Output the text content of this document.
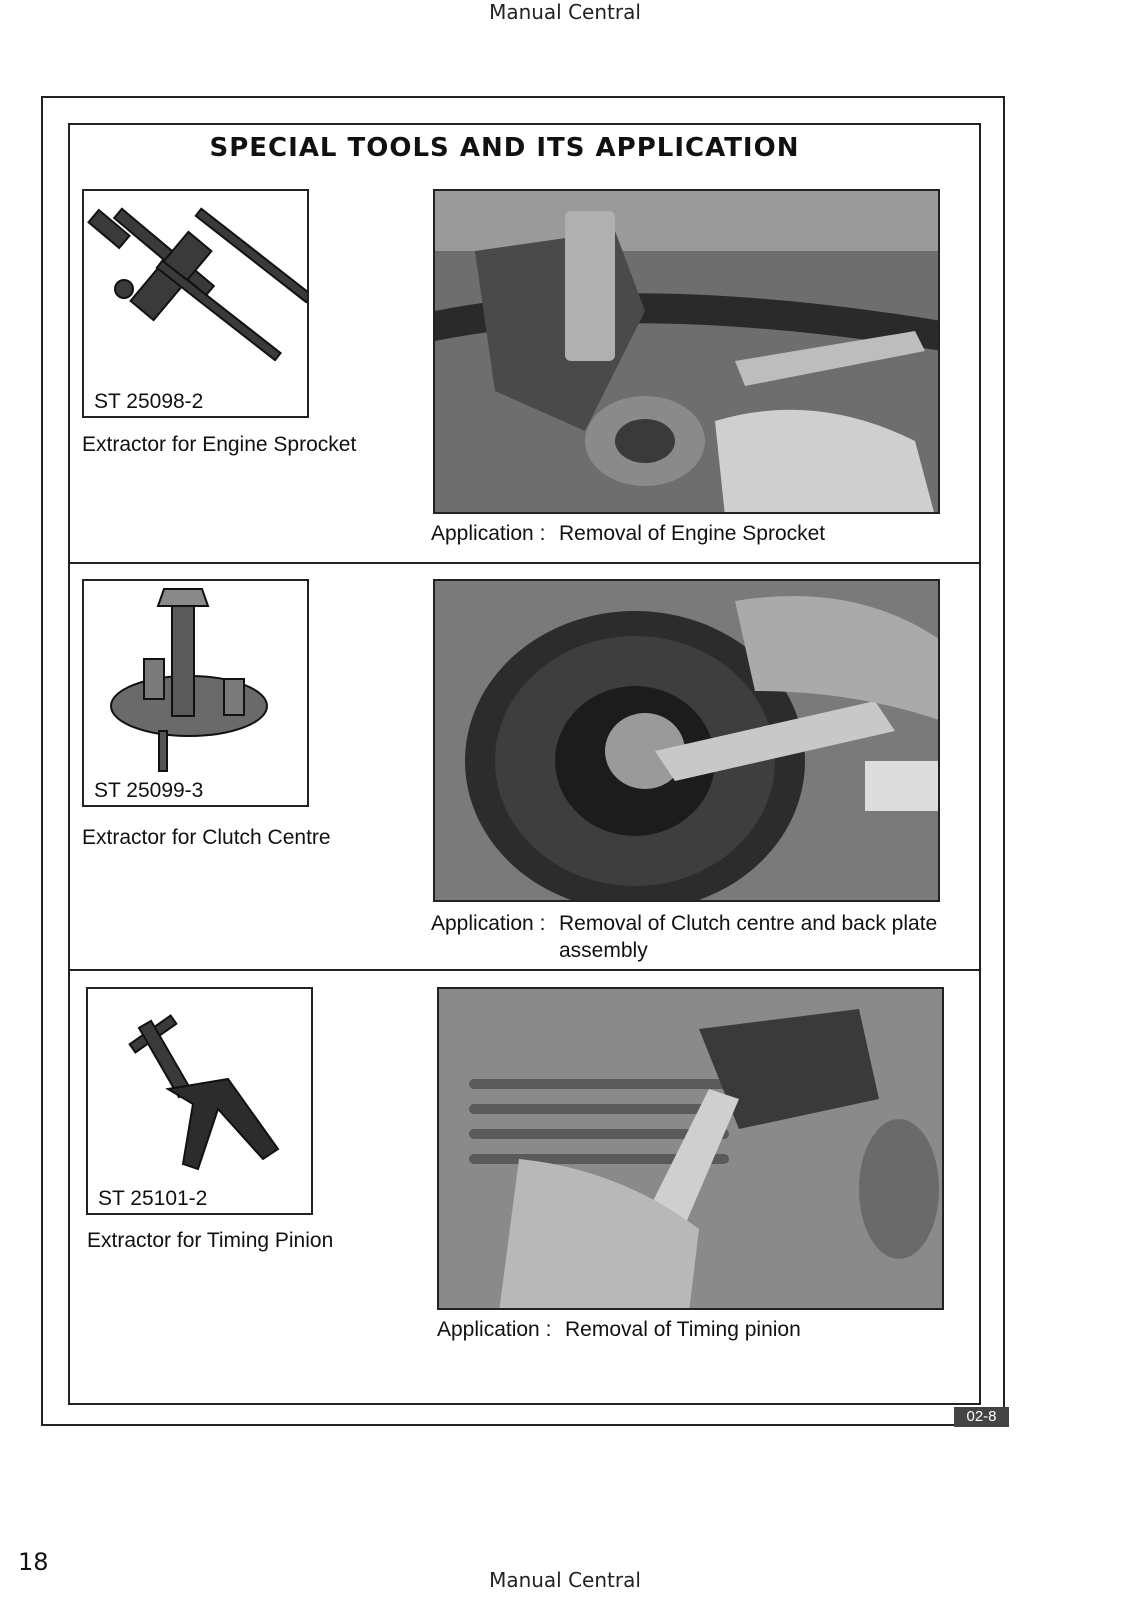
Manual Central
SPECIAL TOOLS AND ITS APPLICATION
ST 25098-2
Extractor for Engine Sprocket
Application : Removal of Engine Sprocket
ST 25099-3
Extractor for Clutch Centre
Application : Removal of Clutch centre and back plate assembly
ST 25101-2
Extractor for Timing Pinion
Application : Removal of Timing pinion
02-8
18
Manual Central
